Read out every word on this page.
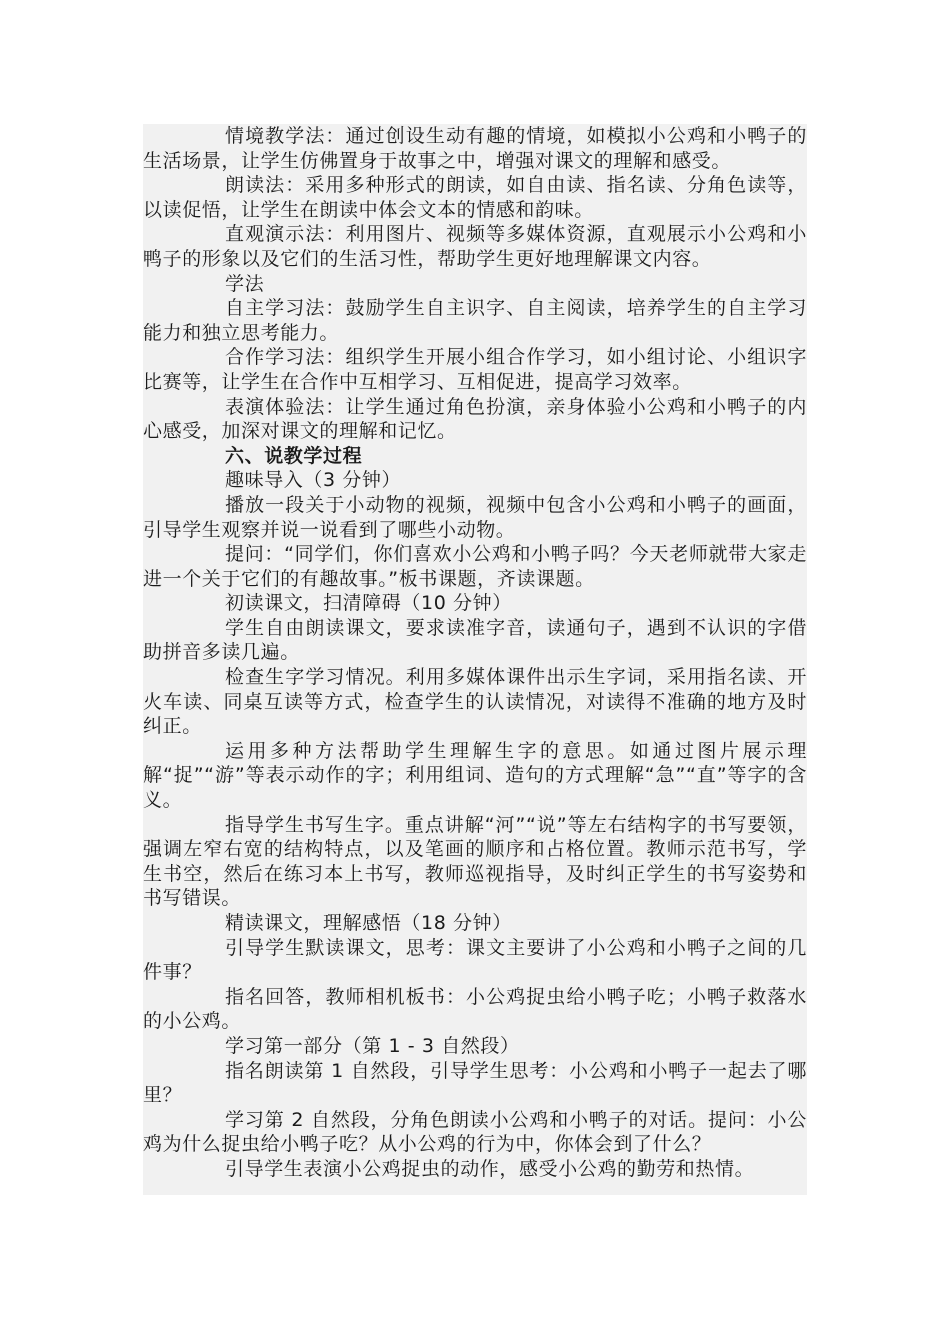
情境教学法：通过创设生动有趣的情境，如模拟小公鸡和小鸭子的生活场景，让学生仿佛置身于故事之中，增强对课文的理解和感受。

朗读法：采用多种形式的朗读，如自由读、指名读、分角色读等，以读促悟，让学生在朗读中体会文本的情感和韵味。

直观演示法：利用图片、视频等多媒体资源，直观展示小公鸡和小鸭子的形象以及它们的生活习性，帮助学生更好地理解课文内容。

学法

自主学习法：鼓励学生自主识字、自主阅读，培养学生的自主学习能力和独立思考能力。

合作学习法：组织学生开展小组合作学习，如小组讨论、小组识字比赛等，让学生在合作中互相学习、互相促进，提高学习效率。

表演体验法：让学生通过角色扮演，亲身体验小公鸡和小鸭子的内心感受，加深对课文的理解和记忆。

六、说教学过程

趣味导入（3 分钟）

播放一段关于小动物的视频，视频中包含小公鸡和小鸭子的画面，引导学生观察并说一说看到了哪些小动物。

提问：“同学们，你们喜欢小公鸡和小鸭子吗？今天老师就带大家走进一个关于它们的有趣故事。”板书课题，齐读课题。

初读课文，扫清障碍（10 分钟）

学生自由朗读课文，要求读准字音，读通句子，遇到不认识的字借助拼音多读几遍。

检查生字学习情况。利用多媒体课件出示生字词，采用指名读、开火车读、同桌互读等方式，检查学生的认读情况，对读得不准确的地方及时纠正。

运用多种方法帮助学生理解生字的意思。如通过图片展示理解“捉”“游”等表示动作的字；利用组词、造句的方式理解“急”“直”等字的含义。

指导学生书写生字。重点讲解“河”“说”等左右结构字的书写要领，强调左窄右宽的结构特点，以及笔画的顺序和占格位置。教师示范书写，学生书空，然后在练习本上书写，教师巡视指导，及时纠正学生的书写姿势和书写错误。

精读课文，理解感悟（18 分钟）

引导学生默读课文，思考：课文主要讲了小公鸡和小鸭子之间的几件事？

指名回答，教师相机板书：小公鸡捉虫给小鸭子吃；小鸭子救落水的小公鸡。

学习第一部分（第 1 - 3 自然段）

指名朗读第 1 自然段，引导学生思考：小公鸡和小鸭子一起去了哪里？

学习第 2 自然段，分角色朗读小公鸡和小鸭子的对话。提问：小公鸡为什么捉虫给小鸭子吃？从小公鸡的行为中，你体会到了什么？

引导学生表演小公鸡捉虫的动作，感受小公鸡的勤劳和热情。
